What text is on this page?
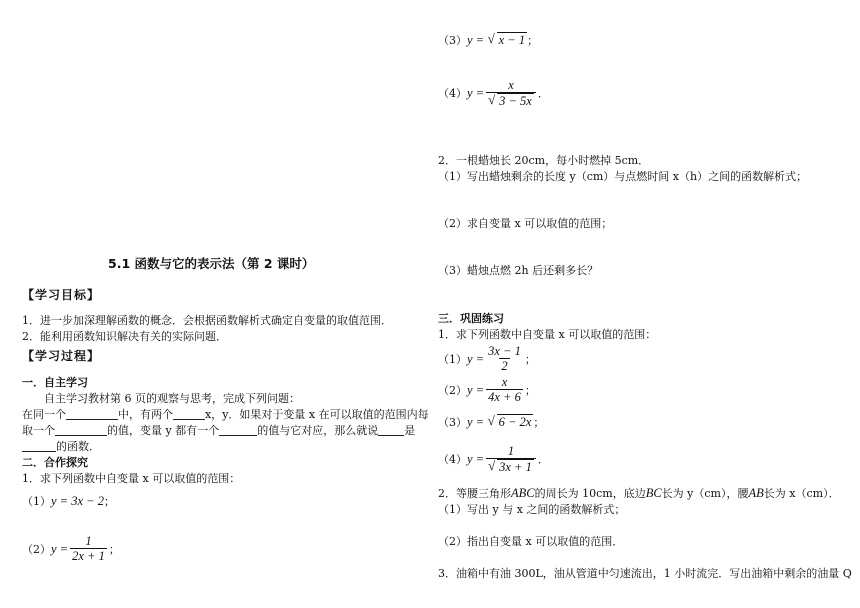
5.1 函数与它的表示法（第 2 课时）
【学习目标】
1．进一步加深理解函数的概念．会根据函数解析式确定自变量的取值范围．
2．能利用函数知识解决有关的实际问题．
【学习过程】
一．自主学习
自主学习教材第 6 页的观察与思考，完成下列问题：
在同一个	中，有两个	x，y．如果对于变量 x 在可以取值的范围内每
取一个	的值，变量 y 都有一个	的值与它对应，那么就说 是
的函数．
二．合作探究
1．求下列函数中自变量 x 可以取值的范围：
（1） y = 3x − 2 ；
（2） $y = \frac{1}{2x + 1}$ ；
（3） y =
√ x − 1 ；
（4） $y = \frac{x}{√ 3 - 5x}$ ．
2．一根蜡烛长 20cm，每小时燃掉 5cm．
（1）写出蜡烛剩余的长度 y（cm）与点燃时间 x（h）之间的函数解析式；
（2）求自变量 x 可以取值的范围；
（3）蜡烛点燃 2h 后还剩多长？
三．巩固练习
1．求下列函数中自变量 x 可以取值的范围：
（1） $y = \frac{3x - 1}{2}$ ；
（2） $y = \frac{x}{4x + 6}$ ；
（3） y =
√ 6 − 2x ；
（4） $y = \frac{1}{√ 3x + 1}$ ．
2．等腰三角形ABC的周长为 10cm，底边BC长为 y（cm），腰AB长为 x（cm）．
（1）写出 y 与 x 之间的函数解析式；
（2）指出自变量 x 可以取值的范围．
3．油箱中有油 300L，油从管道中匀速流出，1 小时流完．写出油箱中剩余的油量 Q
